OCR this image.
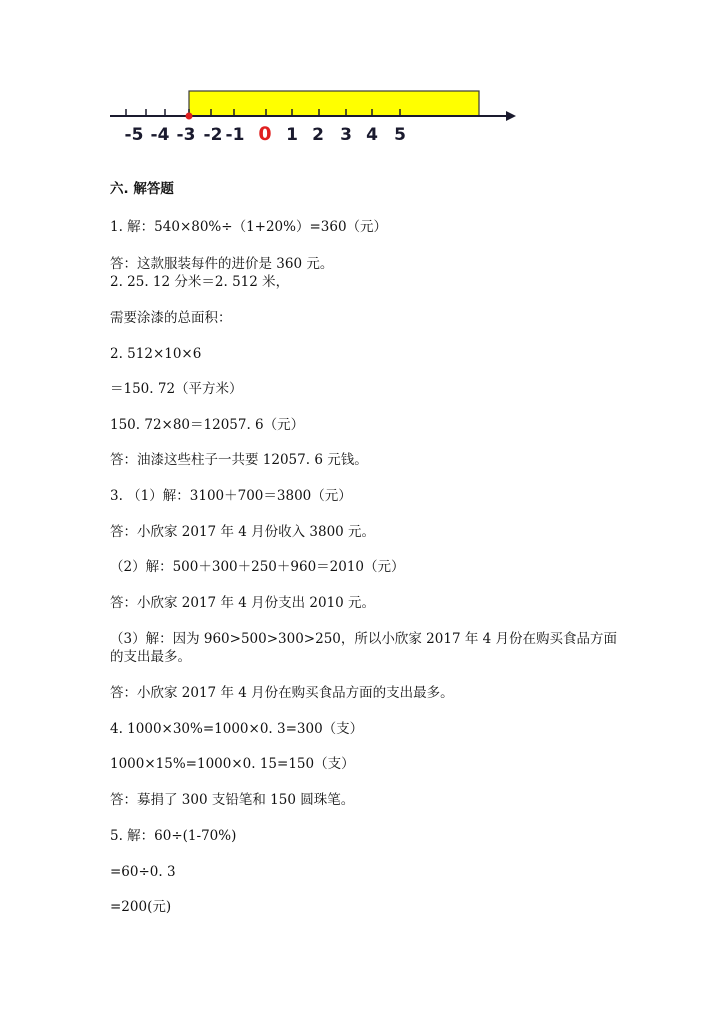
-5 -4 -3 -2 -1 0 1 2 3 4 5
六. 解答题
1. 解：540×80%÷（1+20%）=360（元）
答：这款服装每件的进价是 360 元。
2. 25. 12 分米＝2. 512 米，
需要涂漆的总面积：
2. 512×10×6
＝150. 72（平方米）
150. 72×80＝12057. 6（元）
答：油漆这些柱子一共要 12057. 6 元钱。
3. （1）解：3100＋700＝3800（元）
答：小欣家 2017 年 4 月份收入 3800 元。
（2）解：500＋300＋250＋960＝2010（元）
答：小欣家 2017 年 4 月份支出 2010 元。
（3）解：因为 960>500>300>250，所以小欣家 2017 年 4 月份在购买食品方面
的支出最多。
答：小欣家 2017 年 4 月份在购买食品方面的支出最多。
4. 1000×30%=1000×0. 3=300（支）
1000×15%=1000×0. 15=150（支）
答：募捐了 300 支铅笔和 150 圆珠笔。
5. 解：60÷(1-70%)
=60÷0. 3
=200(元)
